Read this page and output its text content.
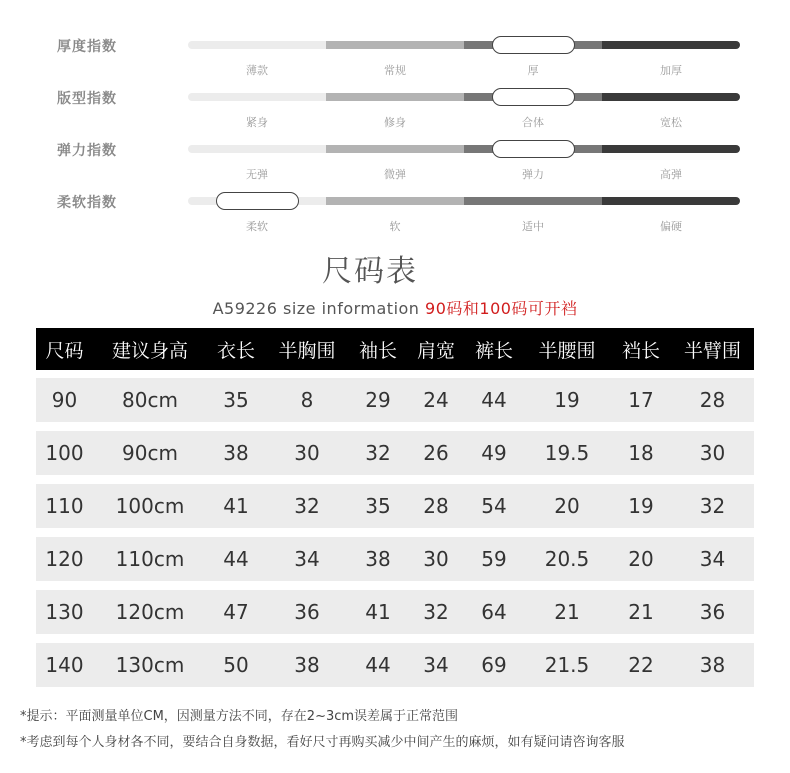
厚度指数
薄款	常规	厚	加厚
版型指数
紧身	修身	合体	宽松
弹力指数
无弹	微弹	弹力	高弹
柔软指数
柔软	软	适中	偏硬
尺码表
A59226 size information 90码和100码可开裆
尺码	建议身高	衣长	半胸围	袖长	肩宽	裤长	半腰围	裆长	半臂围
90	80cm	35	8	29	24	44	19	17	28
100	90cm	38	30	32	26	49	19.5	18	30
110	100cm	41	32	35	28	54	20	19	32
120	110cm	44	34	38	30	59	20.5	20	34
130	120cm	47	36	41	32	64	21	21	36
140	130cm	50	38	44	34	69	21.5	22	38
*提示：平面测量单位CM，因测量方法不同，存在2~3cm误差属于正常范围
*考虑到每个人身材各不同，要结合自身数据，看好尺寸再购买减少中间产生的麻烦，如有疑问请咨询客服
